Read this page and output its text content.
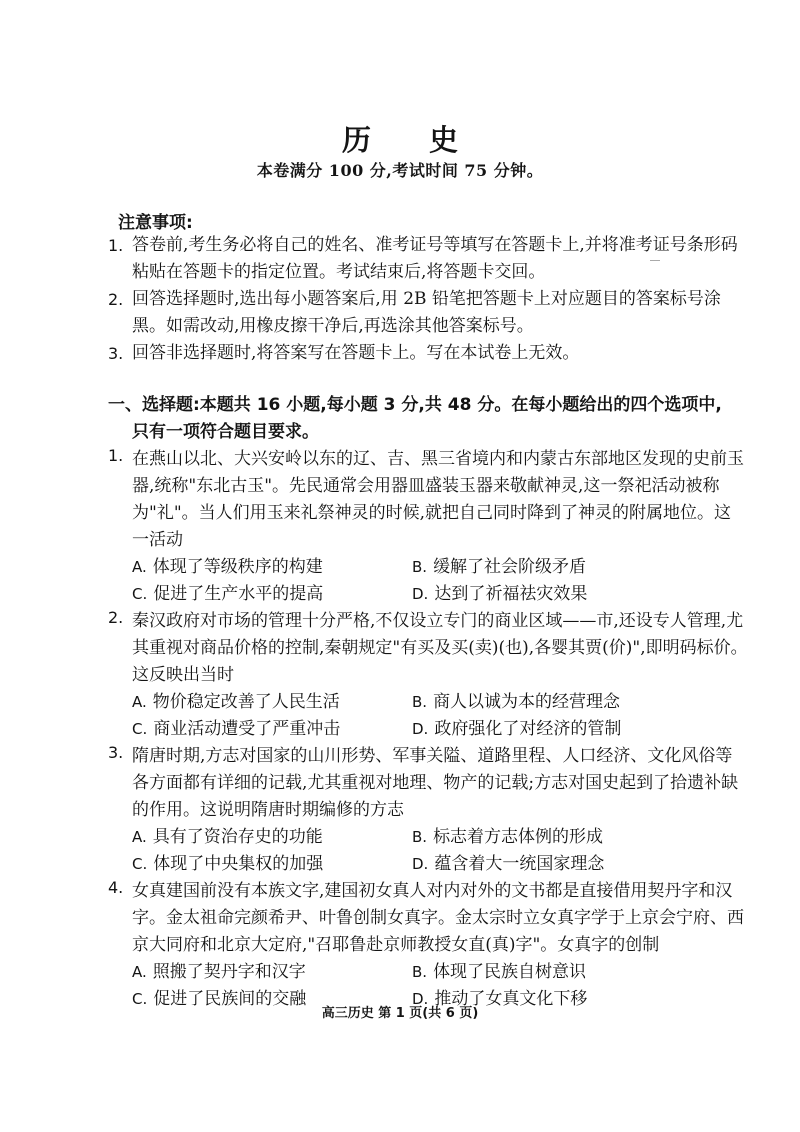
历 史
本卷满分 100 分,考试时间 75 分钟。
注意事项:
1. 答卷前,考生务必将自己的姓名、准考证号等填写在答题卡上,并将准考证号条形码粘贴在答题卡的指定位置。考试结束后,将答题卡交回。
2. 回答选择题时,选出每小题答案后,用 2B 铅笔把答题卡上对应题目的答案标号涂黑。如需改动,用橡皮擦干净后,再选涂其他答案标号。
3. 回答非选择题时,将答案写在答题卡上。写在本试卷上无效。
一、选择题:本题共 16 小题,每小题 3 分,共 48 分。在每小题给出的四个选项中,
只有一项符合题目要求。
1. 在燕山以北、大兴安岭以东的辽、吉、黑三省境内和内蒙古东部地区发现的史前玉器,统称"东北古玉"。先民通常会用器皿盛装玉器来敬献神灵,这一祭祀活动被称为"礼"。当人们用玉来礼祭神灵的时候,就把自己同时降到了神灵的附属地位。这一活动
A. 体现了等级秩序的构建	B. 缓解了社会阶级矛盾
C. 促进了生产水平的提高	D. 达到了祈福祛灾效果
2. 秦汉政府对市场的管理十分严格,不仅设立专门的商业区域——市,还设专人管理,尤其重视对商品价格的控制,秦朝规定"有买及买(卖)(也),各婴其贾(价)",即明码标价。这反映出当时
A. 物价稳定改善了人民生活	B. 商人以诚为本的经营理念
C. 商业活动遭受了严重冲击	D. 政府强化了对经济的管制
3. 隋唐时期,方志对国家的山川形势、军事关隘、道路里程、人口经济、文化风俗等各方面都有详细的记载,尤其重视对地理、物产的记载;方志对国史起到了拾遗补缺的作用。这说明隋唐时期编修的方志
A. 具有了资治存史的功能	B. 标志着方志体例的形成
C. 体现了中央集权的加强	D. 蕴含着大一统国家理念
4. 女真建国前没有本族文字,建国初女真人对内对外的文书都是直接借用契丹字和汉字。金太祖命完颜希尹、叶鲁创制女真字。金太宗时立女真字学于上京会宁府、西京大同府和北京大定府,"召耶鲁赴京师教授女直(真)字"。女真字的创制
A. 照搬了契丹字和汉字	B. 体现了民族自树意识
C. 促进了民族间的交融	D. 推动了女真文化下移
高三历史 第 1 页(共 6 页)
